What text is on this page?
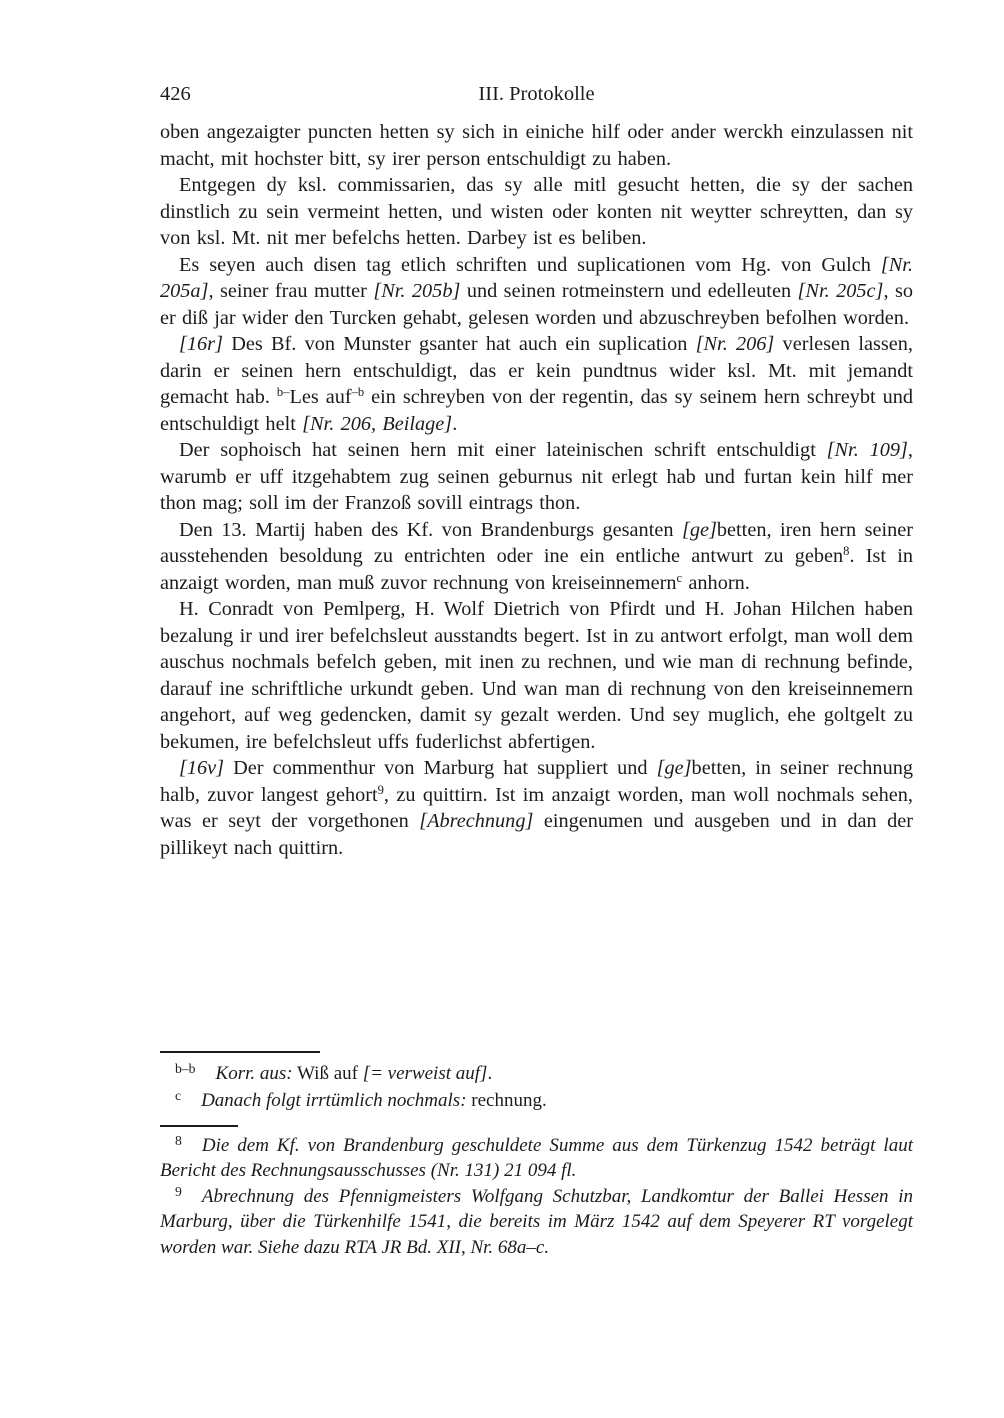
426	III. Protokolle

oben angezaigter puncten hetten sy sich in einiche hilf oder ander werckh einzulassen nit macht, mit hochster bitt, sy irer person entschuldigt zu haben.

Entgegen dy ksl. commissarien, das sy alle mitl gesucht hetten, die sy der sachen dinstlich zu sein vermeint hetten, und wisten oder konten nit weytter schreytten, dan sy von ksl. Mt. nit mer befelchs hetten. Darbey ist es beliben.

Es seyen auch disen tag etlich schriften und suplicationen vom Hg. von Gulch [Nr. 205a], seiner frau mutter [Nr. 205b] und seinen rotmeinstern und edelleuten [Nr. 205c], so er diß jar wider den Turcken gehabt, gelesen worden und abzuschreyben befolhen worden.

[16r] Des Bf. von Munster gsanter hat auch ein suplication [Nr. 206] verlesen lassen, darin er seinen hern entschuldigt, das er kein pundtnus wider ksl. Mt. mit jemandt gemacht hab. $^{b-}$Les auf$^{-b}$ ein schreyben von der regentin, das sy seinem hern schreybt und entschuldigt helt [Nr. 206, Beilage].

Der sophoisch hat seinen hern mit einer lateinischen schrift entschuldigt [Nr. 109], warumb er uff itzgehabtem zug seinen geburnus nit erlegt hab und furtan kein hilf mer thon mag; soll im der Franzoß sovill eintrags thon.

Den 13. Martij haben des Kf. von Brandenburgs gesanten [ge]betten, iren hern seiner ausstehenden besoldung zu entrichten oder ine ein entliche antwurt zu geben$^8$. Ist in anzaigt worden, man muß zuvor rechnung von kreiseinnemern$^c$ anhorn.

H. Conradt von Pemlperg, H. Wolf Dietrich von Pfirdt und H. Johan Hilchen haben bezalung ir und irer befelchsleut ausstandts begert. Ist in zu antwort erfolgt, man woll dem auschus nochmals befelch geben, mit inen zu rechnen, und wie man di rechnung befinde, darauf ine schriftliche urkundt geben. Und wan man di rechnung von den kreiseinnemern angehort, auf weg gedencken, damit sy gezalt werden. Und sey muglich, ehe goltgelt zu bekumen, ire befelchsleut uffs fuderlichst abfertigen.

[16v] Der commenthur von Marburg hat suppliert und [ge]betten, in seiner rechnung halb, zuvor langest gehort$^9$, zu quittirn. Ist im anzaigt worden, man woll nochmals sehen, was er seyt der vorgethonen [Abrechnung] eingenumen und ausgeben und in dan der pillikeyt nach quittirn.

$^{b-b}$ Korr. aus: Wiß auf [= verweist auf].
$^c$ Danach folgt irrtümlich nochmals: rechnung.
$^8$ Die dem Kf. von Brandenburg geschuldete Summe aus dem Türkenzug 1542 beträgt laut Bericht des Rechnungsausschusses (Nr. 131) 21 094 fl.
$^9$ Abrechnung des Pfennigmeisters Wolfgang Schutzbar, Landkomtur der Ballei Hessen in Marburg, über die Türkenhilfe 1541, die bereits im März 1542 auf dem Speyerer RT vorgelegt worden war. Siehe dazu RTA JR Bd. XII, Nr. 68a–c.
